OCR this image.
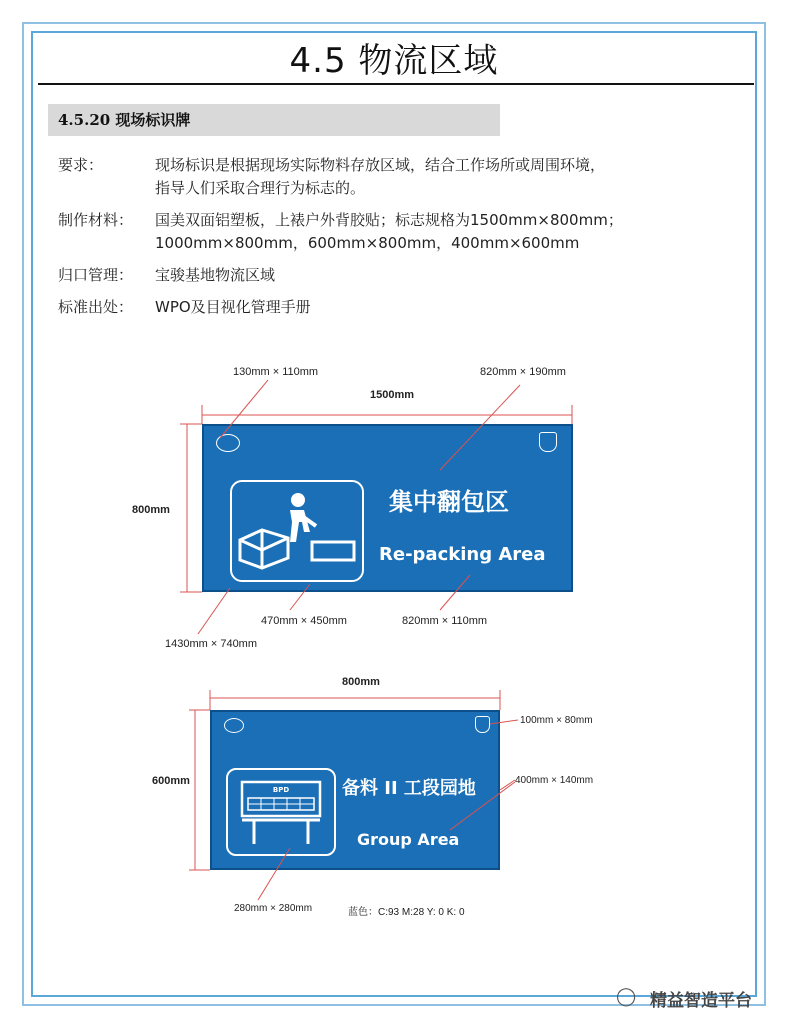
4.5 物流区域
4.5.20 现场标识牌
要求：	现场标识是根据现场实际物料存放区域，结合工作场所或周围环境，
指导人们采取合理行为标志的。
制作材料： 国美双面铝塑板，上裱户外背胶贴；标志规格为1500mm×800mm；
1000mm×800mm，600mm×800mm，400mm×600mm
归口管理： 宝骏基地物流区域
标准出处： WPO及目视化管理手册
集中翻包区
Re-packing Area
130mm × 110mm	820mm × 190mm
1500mm
800mm
470mm × 450mm	820mm × 110mm
1430mm × 740mm
BPD	备料 II 工段园地
Group Area
800mm
600mm
100mm × 80mm
400mm × 140mm
280mm × 280mm	蓝色：C:93 M:28 Y: 0 K: 0
◯ 精益智造平台
